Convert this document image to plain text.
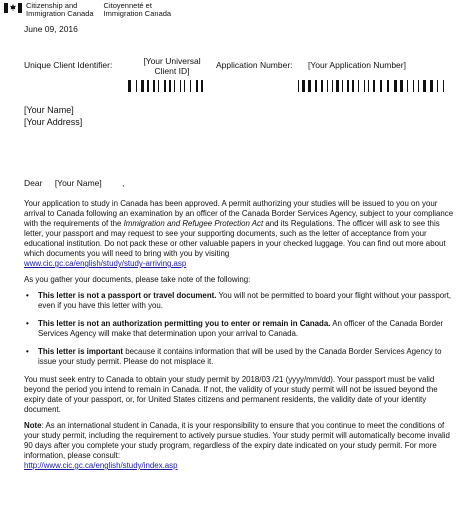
Citizenship and
Immigration Canada
Citoyenneté et
Immigration Canada
June 09, 2016
Unique Client Identifier:	[Your Universal
Client ID]
Application Number: [Your Application Number]
[Your Name]
[Your Address]
Dear [Your Name] ,

Your application to study in Canada has been approved. A permit authorizing your studies will be issued to you on your arrival to Canada following an examination by an officer of the Canada Border Services Agency, subject to your compliance with the requirements of the Immigration and Refugee Protection Act and its Regulations. The officer will ask to see this letter, your passport and may request to see your supporting documents, such as the letter of acceptance from your educational institution. Do not pack these or other valuable papers in your checked luggage. You can find out more about which documents you will need to bring with you by visiting
www.cic.gc.ca/english/study/study-arriving.asp

As you gather your documents, please take note of the following:

• This letter is not a passport or travel document. You will not be permitted to board your flight without your passport, even if you have this letter with you.
• This letter is not an authorization permitting you to enter or remain in Canada. An officer of the Canada Border Services Agency will make that determination upon your arrival to Canada.
• This letter is important because it contains information that will be used by the Canada Border Services Agency to issue your study permit. Please do not misplace it.

You must seek entry to Canada to obtain your study permit by 2018/03 /21 (yyyy/mm/dd). Your passport must be valid beyond the period you intend to remain in Canada. If not, the validity of your study permit will not be issued beyond the expiry date of your passport, or, for United States citizens and permanent residents, the validity date of your identity document.

Note: As an international student in Canada, it is your responsibility to ensure that you continue to meet the conditions of your study permit, including the requirement to actively pursue studies. Your study permit will automatically become invalid 90 days after you complete your study program, regardless of the expiry date indicated on your study permit. For more information, please consult:
http://www.cic.gc.ca/english/study/index.asp
